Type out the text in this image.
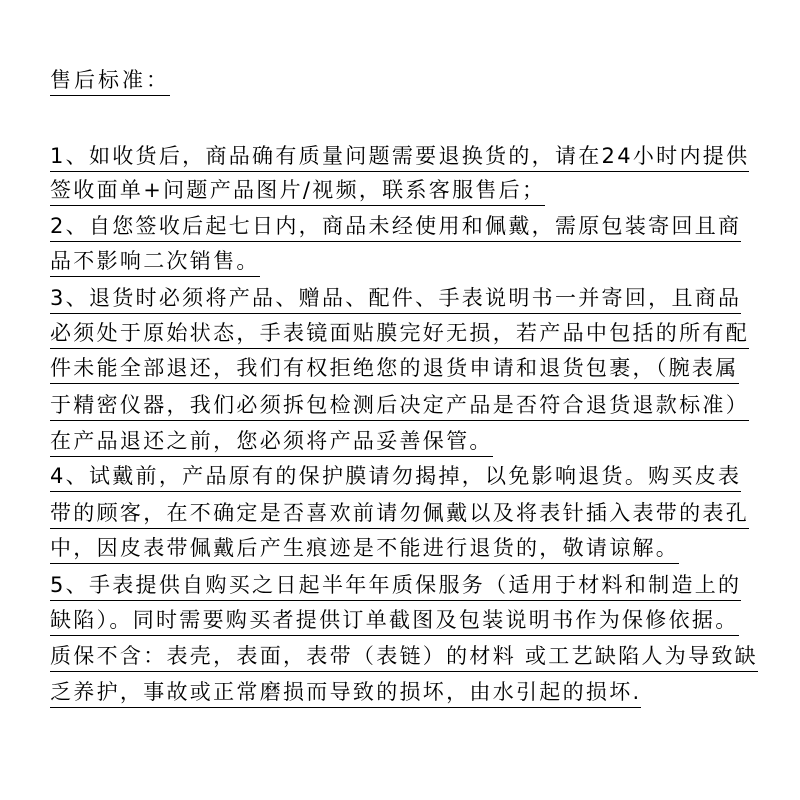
售后标准：
1、如收货后，商品确有质量问题需要退换货的，请在24小时内提供
签收面单+问题产品图片/视频，联系客服售后；
2、自您签收后起七日内，商品未经使用和佩戴，需原包装寄回且商
品不影响二次销售。
3、退货时必须将产品、赠品、配件、手表说明书一并寄回，且商品
必须处于原始状态，手表镜面贴膜完好无损，若产品中包括的所有配
件未能全部退还，我们有权拒绝您的退货申请和退货包裹，（腕表属
于精密仪器，我们必须拆包检测后决定产品是否符合退货退款标准）
在产品退还之前，您必须将产品妥善保管。
4、试戴前，产品原有的保护膜请勿揭掉，以免影响退货。购买皮表
带的顾客，在不确定是否喜欢前请勿佩戴以及将表针插入表带的表孔
中，因皮表带佩戴后产生痕迹是不能进行退货的，敬请谅解。
5、手表提供自购买之日起半年年质保服务（适用于材料和制造上的
缺陷）。同时需要购买者提供订单截图及包装说明书作为保修依据。
质保不含：表壳，表面，表带（表链）的材料 或工艺缺陷人为导致缺
乏养护，事故或正常磨损而导致的损坏，由水引起的损坏.
